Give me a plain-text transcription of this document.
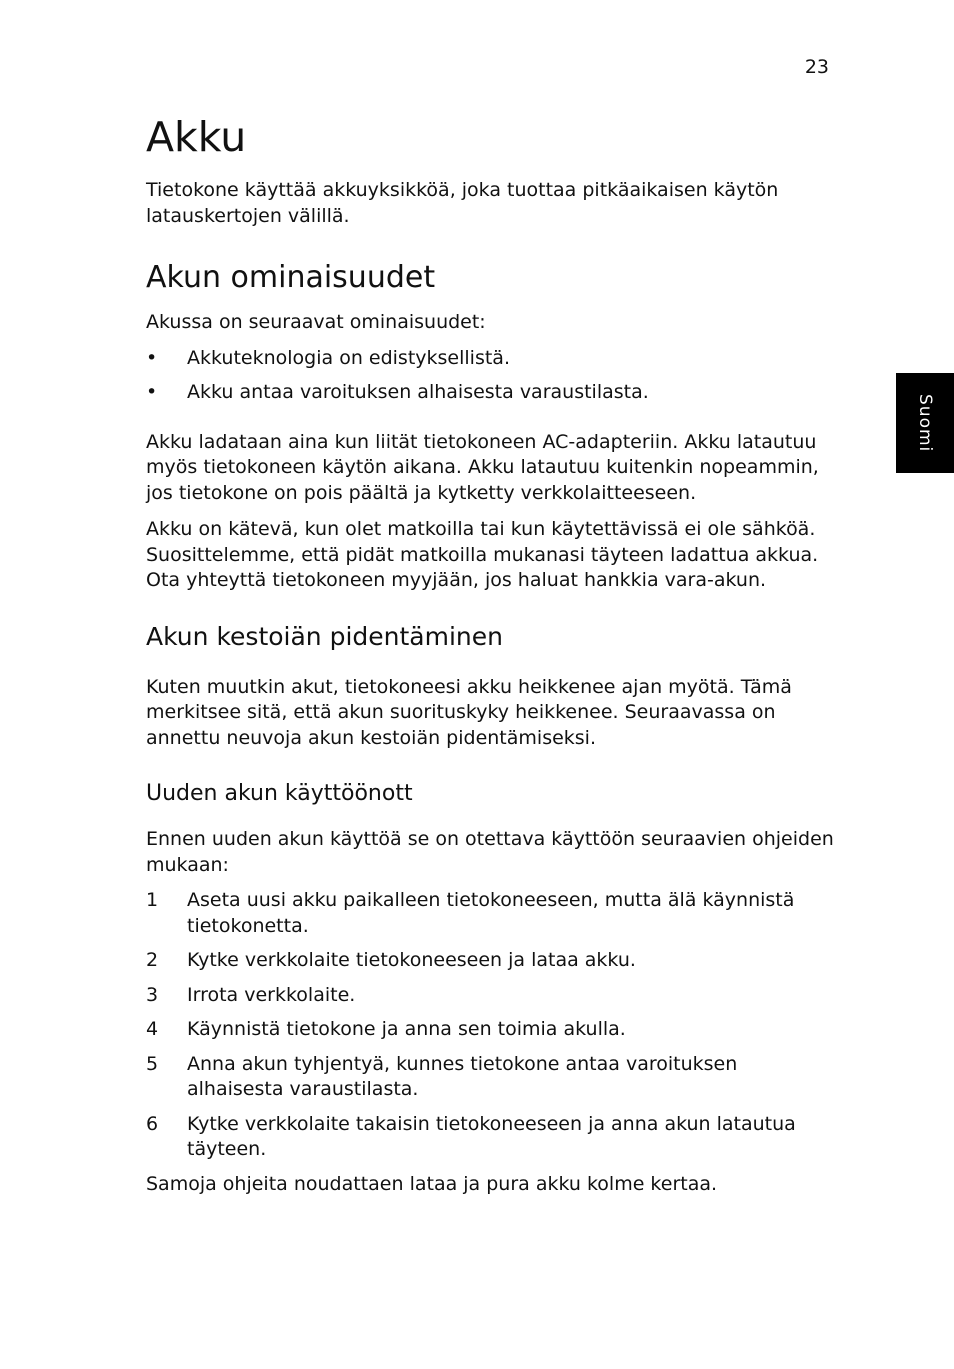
23

Suomi
Akku

Tietokone käyttää akkuyksikköä, joka tuottaa pitkäaikaisen käytön latauskertojen välillä.

Akun ominaisuudet

Akussa on seuraavat ominaisuudet:

• Akkuteknologia on edistyksellistä.
• Akku antaa varoituksen alhaisesta varaustilasta.

Akku ladataan aina kun liität tietokoneen AC-adapteriin. Akku latautuu myös tietokoneen käytön aikana. Akku latautuu kuitenkin nopeammin, jos tietokone on pois päältä ja kytketty verkkolaitteeseen.

Akku on kätevä, kun olet matkoilla tai kun käytettävissä ei ole sähköä. Suosittelemme, että pidät matkoilla mukanasi täyteen ladattua akkua. Ota yhteyttä tietokoneen myyjään, jos haluat hankkia vara-akun.

Akun kestoiän pidentäminen

Kuten muutkin akut, tietokoneesi akku heikkenee ajan myötä. Tämä merkitsee sitä, että akun suorituskyky heikkenee. Seuraavassa on annettu neuvoja akun kestoiän pidentämiseksi.

Uuden akun käyttöönott

Ennen uuden akun käyttöä se on otettava käyttöön seuraavien ohjeiden mukaan:

1 Aseta uusi akku paikalleen tietokoneeseen, mutta älä käynnistä tietokonetta.
2 Kytke verkkolaite tietokoneeseen ja lataa akku.
3 Irrota verkkolaite.
4 Käynnistä tietokone ja anna sen toimia akulla.
5 Anna akun tyhjentyä, kunnes tietokone antaa varoituksen alhaisesta varaustilasta.
6 Kytke verkkolaite takaisin tietokoneeseen ja anna akun latautua täyteen.

Samoja ohjeita noudattaen lataa ja pura akku kolme kertaa.
